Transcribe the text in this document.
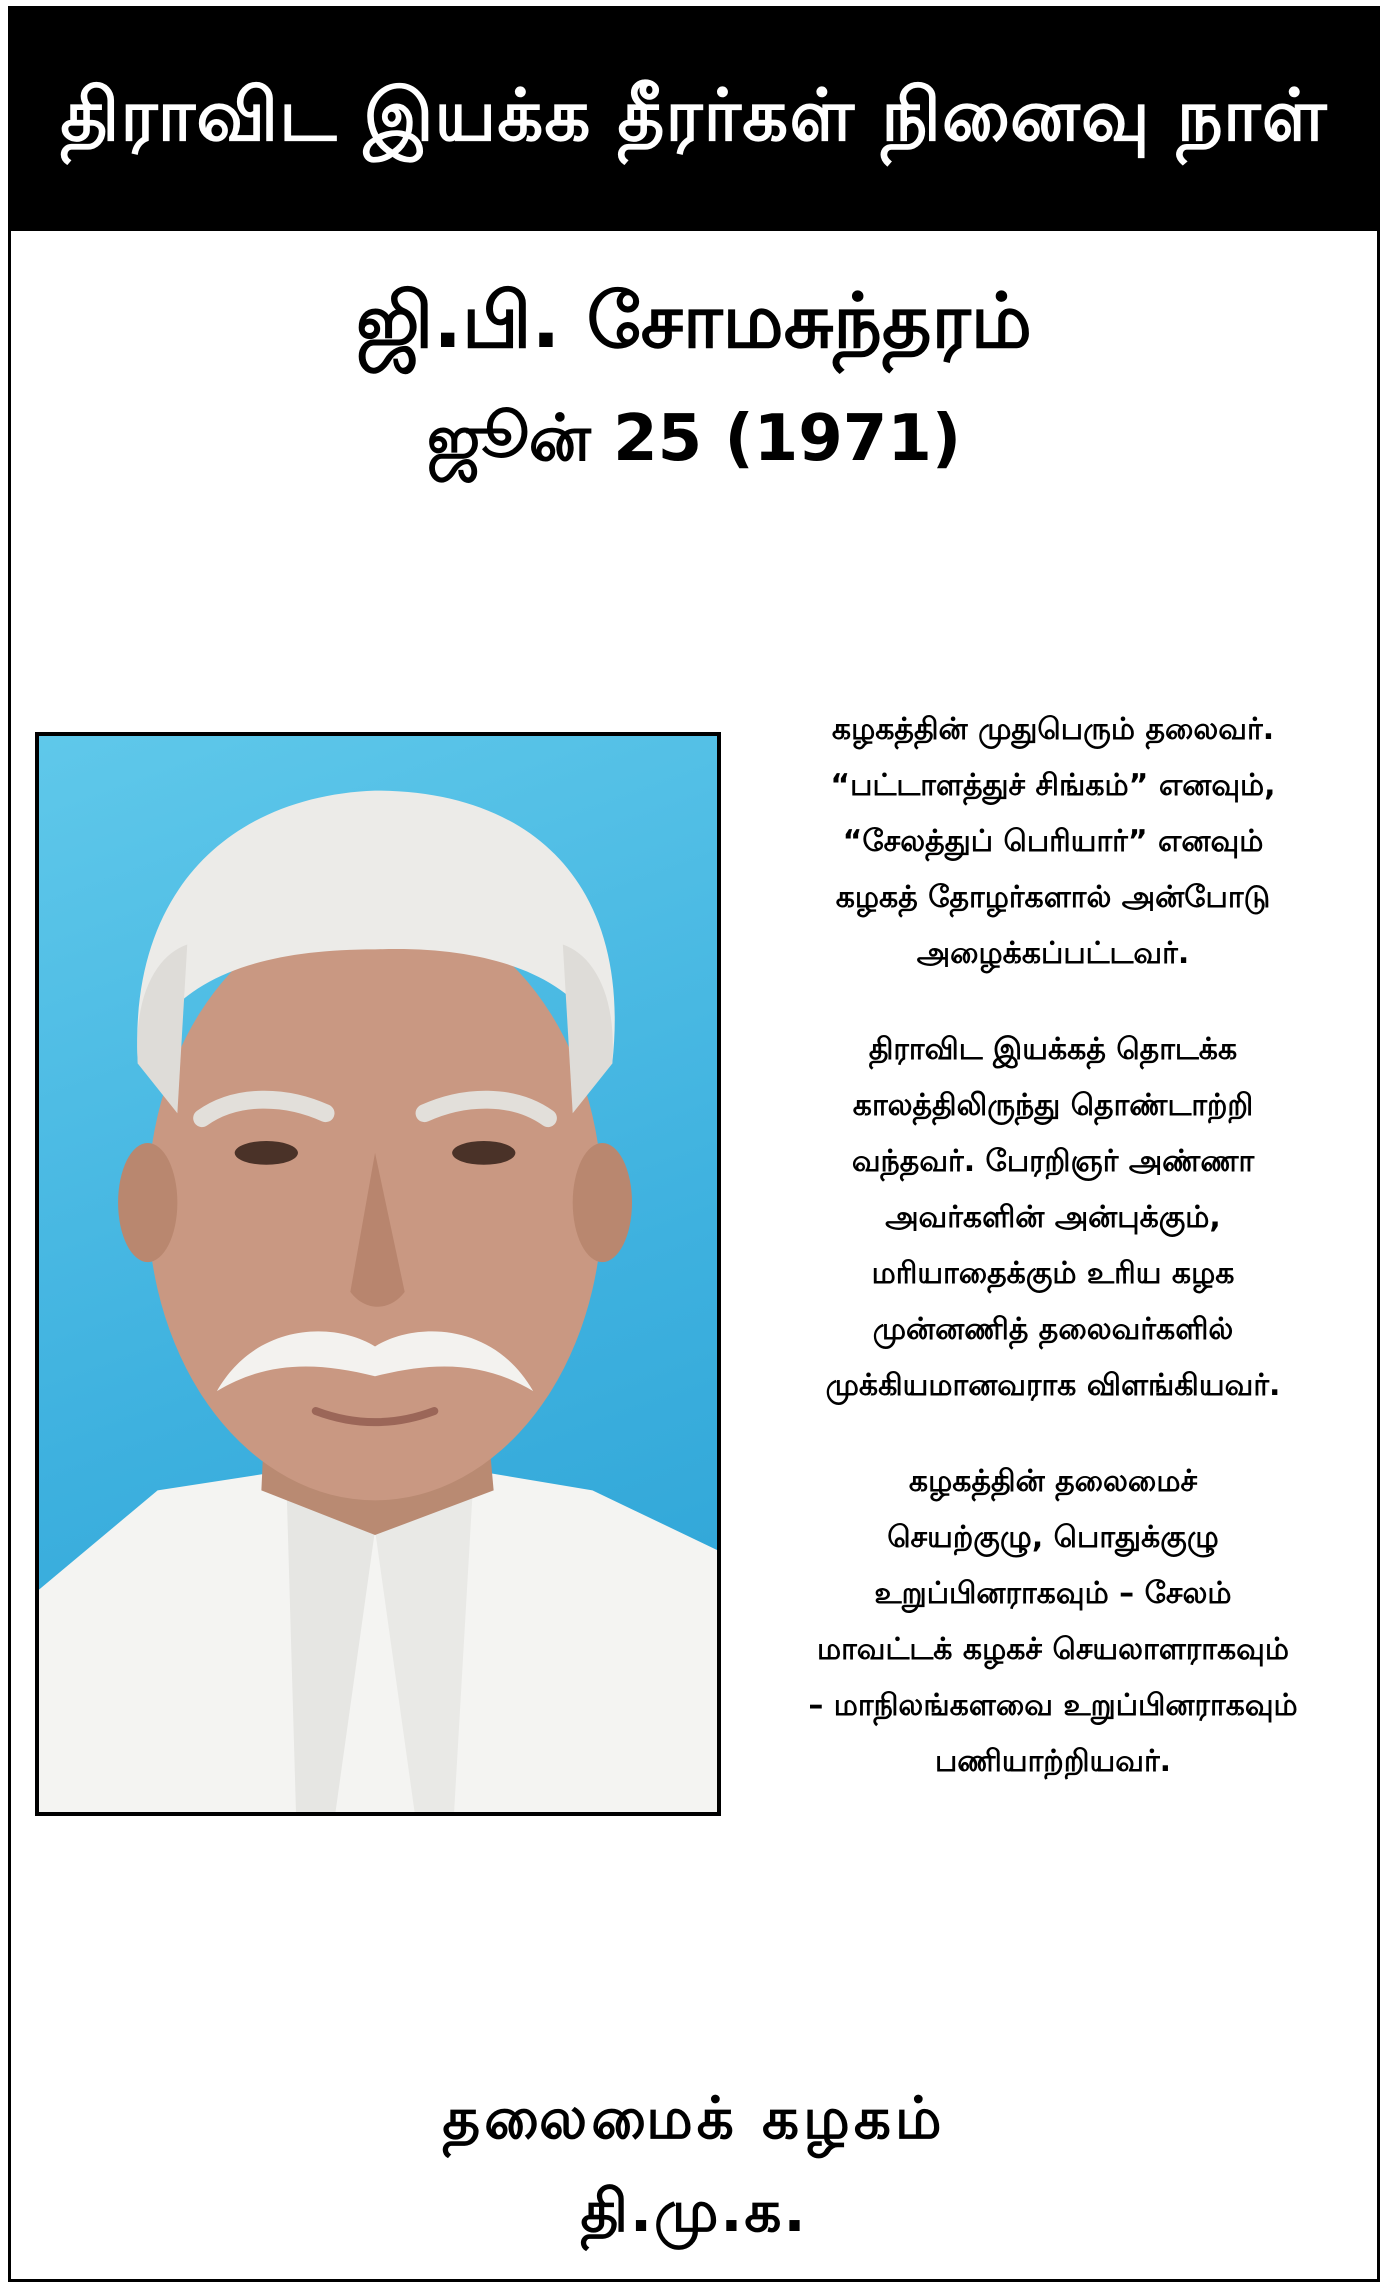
திராவிட இயக்க தீரர்கள் நினைவு நாள்
ஜி.பி. சோமசுந்தரம்
ஜூன் 25 (1971)

கழகத்தின் முதுபெரும் தலைவர்.
“பட்டாளத்துச் சிங்கம்” எனவும்,
“சேலத்துப் பெரியார்” எனவும்
கழகத் தோழர்களால் அன்போடு
அழைக்கப்பட்டவர்.

திராவிட இயக்கத் தொடக்க
காலத்திலிருந்து தொண்டாற்றி
வந்தவர். பேரறிஞர் அண்ணா
அவர்களின் அன்புக்கும்,
மரியாதைக்கும் உரிய கழக
முன்னணித் தலைவர்களில்
முக்கியமானவராக விளங்கியவர்.

கழகத்தின் தலைமைச்
செயற்குழு, பொதுக்குழு
உறுப்பினராகவும் – சேலம்
மாவட்டக் கழகச் செயலாளராகவும்
– மாநிலங்களவை உறுப்பினராகவும்
பணியாற்றியவர்.

தலைமைக் கழகம்
தி.மு.க.
